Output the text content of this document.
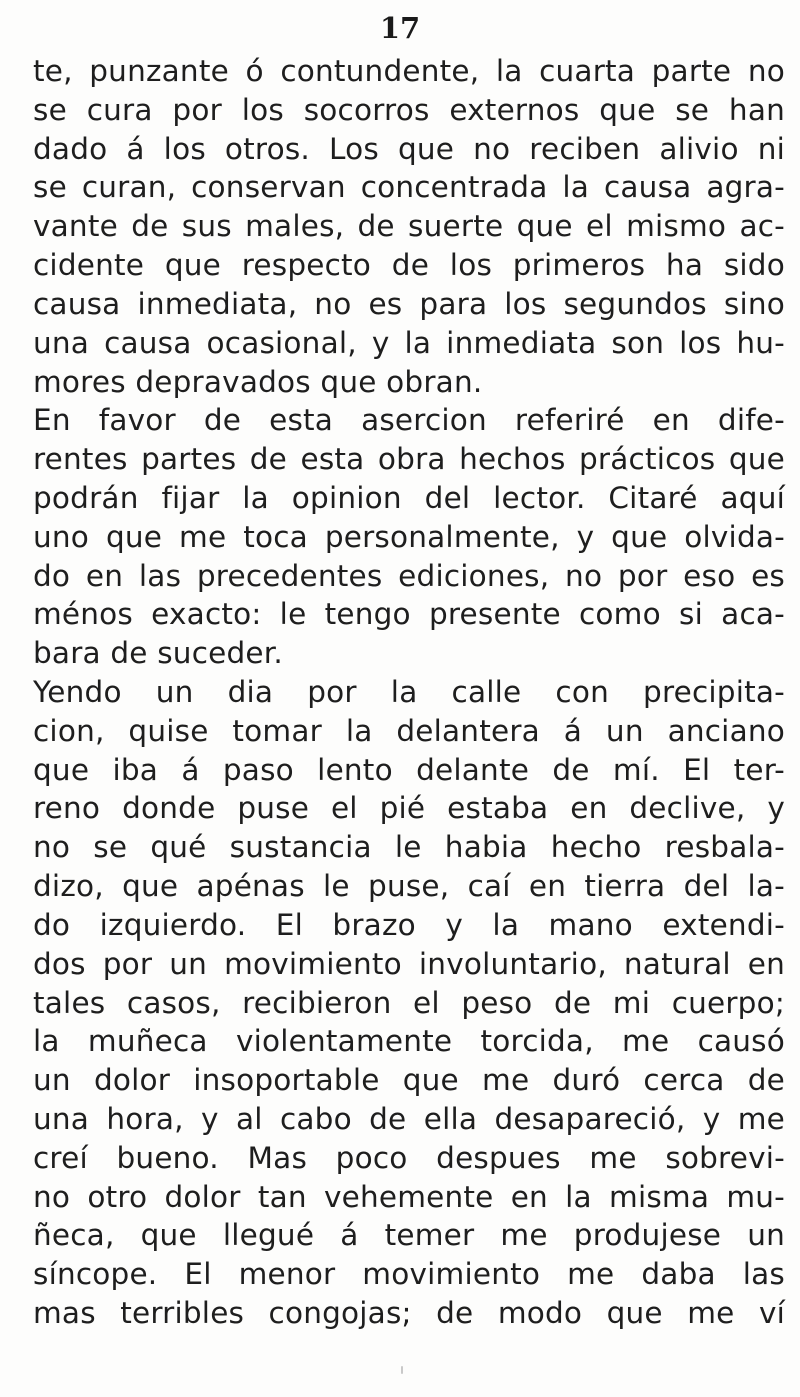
17
te, punzante ó contundente, la cuarta parte no
se cura por los socorros externos que se han
dado á los otros. Los que no reciben alivio ni
se curan, conservan concentrada la causa agra-
vante de sus males, de suerte que el mismo ac-
cidente que respecto de los primeros ha sido
causa inmediata, no es para los segundos sino
una causa ocasional, y la inmediata son los hu-
mores depravados que obran.
En favor de esta asercion referiré en dife-
rentes partes de esta obra hechos prácticos que
podrán fijar la opinion del lector. Citaré aquí
uno que me toca personalmente, y que olvida-
do en las precedentes ediciones, no por eso es
ménos exacto: le tengo presente como si aca-
bara de suceder.
Yendo un dia por la calle con precipita-
cion, quise tomar la delantera á un anciano
que iba á paso lento delante de mí. El ter-
reno donde puse el pié estaba en declive, y
no se qué sustancia le habia hecho resbala-
dizo, que apénas le puse, caí en tierra del la-
do izquierdo. El brazo y la mano extendi-
dos por un movimiento involuntario, natural en
tales casos, recibieron el peso de mi cuerpo;
la muñeca violentamente torcida, me causó
un dolor insoportable que me duró cerca de
una hora, y al cabo de ella desapareció, y me
creí bueno. Mas poco despues me sobrevi-
no otro dolor tan vehemente en la misma mu-
ñeca, que llegué á temer me produjese un
síncope. El menor movimiento me daba las
mas terribles congojas; de modo que me ví
